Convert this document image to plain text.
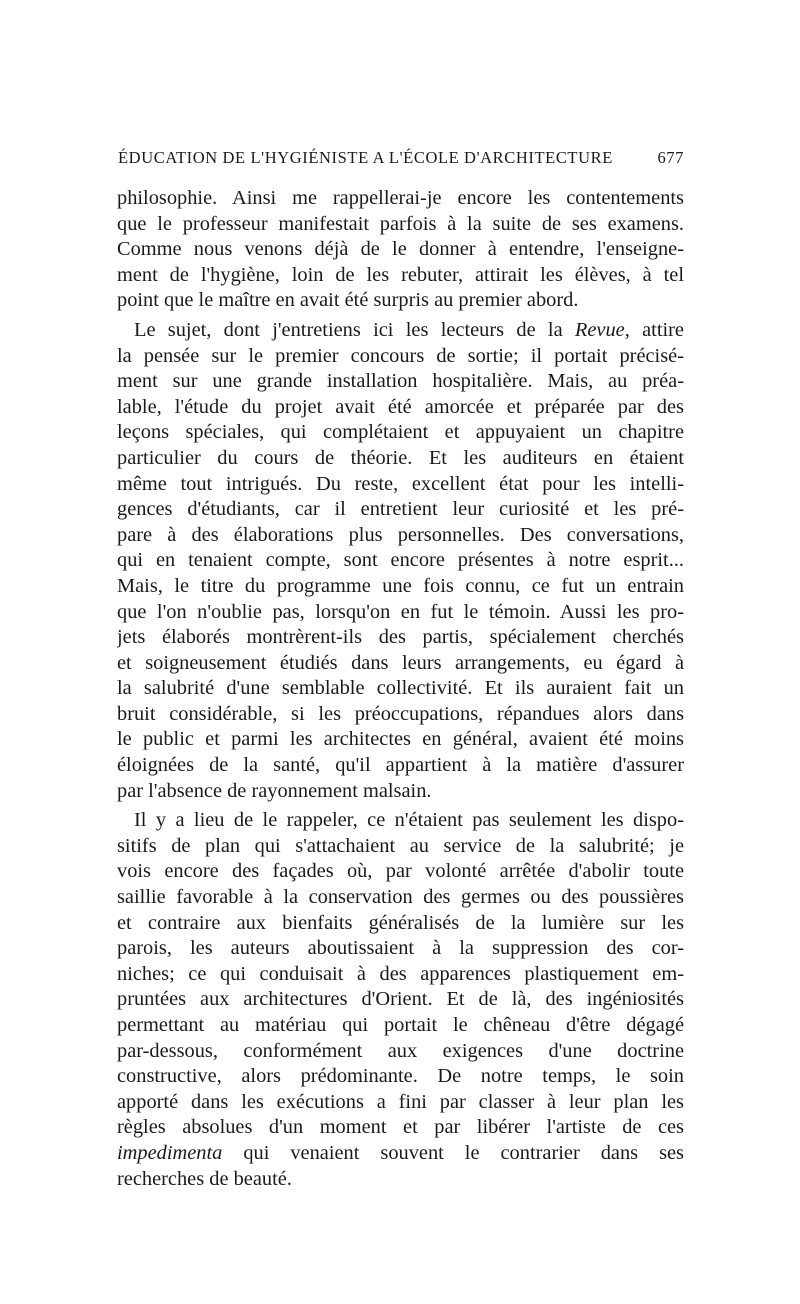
ÉDUCATION DE L'HYGIÉNISTE A L'ÉCOLE D'ARCHITECTURE	677
philosophie. Ainsi me rappellerai-je encore les contentements
que le professeur manifestait parfois à la suite de ses examens.
Comme nous venons déjà de le donner à entendre, l'enseigne-
ment de l'hygiène, loin de les rebuter, attirait les élèves, à tel
point que le maître en avait été surpris au premier abord.
Le sujet, dont j'entretiens ici les lecteurs de la Revue, attire
la pensée sur le premier concours de sortie; il portait précisé-
ment sur une grande installation hospitalière. Mais, au préa-
lable, l'étude du projet avait été amorcée et préparée par des
leçons spéciales, qui complétaient et appuyaient un chapitre
particulier du cours de théorie. Et les auditeurs en étaient
même tout intrigués. Du reste, excellent état pour les intelli-
gences d'étudiants, car il entretient leur curiosité et les pré-
pare à des élaborations plus personnelles. Des conversations,
qui en tenaient compte, sont encore présentes à notre esprit...
Mais, le titre du programme une fois connu, ce fut un entrain
que l'on n'oublie pas, lorsqu'on en fut le témoin. Aussi les pro-
jets élaborés montrèrent-ils des partis, spécialement cherchés
et soigneusement étudiés dans leurs arrangements, eu égard à
la salubrité d'une semblable collectivité. Et ils auraient fait un
bruit considérable, si les préoccupations, répandues alors dans
le public et parmi les architectes en général, avaient été moins
éloignées de la santé, qu'il appartient à la matière d'assurer
par l'absence de rayonnement malsain.
Il y a lieu de le rappeler, ce n'étaient pas seulement les dispo-
sitifs de plan qui s'attachaient au service de la salubrité; je
vois encore des façades où, par volonté arrêtée d'abolir toute
saillie favorable à la conservation des germes ou des poussières
et contraire aux bienfaits généralisés de la lumière sur les
parois, les auteurs aboutissaient à la suppression des cor-
niches; ce qui conduisait à des apparences plastiquement em-
pruntées aux architectures d'Orient. Et de là, des ingéniosités
permettant au matériau qui portait le chêneau d'être dégagé
par-dessous, conformément aux exigences d'une doctrine
constructive, alors prédominante. De notre temps, le soin
apporté dans les exécutions a fini par classer à leur plan les
règles absolues d'un moment et par libérer l'artiste de ces
impedimenta qui venaient souvent le contrarier dans ses
recherches de beauté.
